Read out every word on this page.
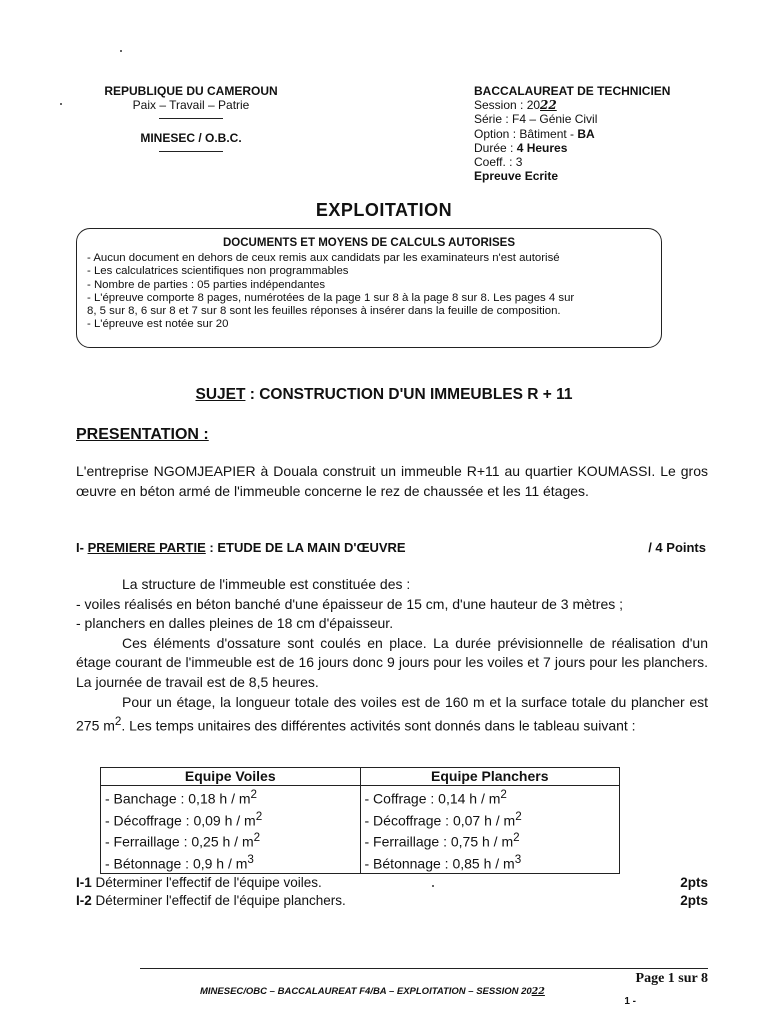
REPUBLIQUE DU CAMEROUN
Paix – Travail – Patrie
MINESEC / O.B.C.
BACCALAUREAT DE TECHNICIEN
Session : 2022
Série : F4 – Génie Civil
Option : Bâtiment - BA
Durée : 4 Heures
Coeff. : 3
Epreuve Ecrite
EXPLOITATION
DOCUMENTS ET MOYENS DE CALCULS AUTORISES
- Aucun document en dehors de ceux remis aux candidats par les examinateurs n'est autorisé
- Les calculatrices scientifiques non programmables
- Nombre de parties : 05 parties indépendantes
- L'épreuve comporte 8 pages, numérotées de la page 1 sur 8 à la page 8 sur 8. Les pages 4 sur
8, 5 sur 8, 6 sur 8 et 7 sur 8 sont les feuilles réponses à insérer dans la feuille de composition.
- L'épreuve est notée sur 20
SUJET : CONSTRUCTION D'UN IMMEUBLES R + 11
PRESENTATION :
L'entreprise NGOMJEAPIER à Douala construit un immeuble R+11 au quartier KOUMASSI. Le gros œuvre en béton armé de l'immeuble concerne le rez de chaussée et les 11 étages.
I- PREMIERE PARTIE : ETUDE DE LA MAIN D'ŒUVRE	/ 4 Points

La structure de l'immeuble est constituée des :

- voiles réalisés en béton banché d'une épaisseur de 15 cm, d'une hauteur de 3 mètres ;

- planchers en dalles pleines de 18 cm d'épaisseur.

Ces éléments d'ossature sont coulés en place. La durée prévisionnelle de réalisation d'un étage courant de l'immeuble est de 16 jours donc 9 jours pour les voiles et 7 jours pour les planchers. La journée de travail est de 8,5 heures.

Pour un étage, la longueur totale des voiles est de 160 m et la surface totale du plancher est 275 $m^2$. Les temps unitaires des différentes activités sont donnés dans le tableau suivant :

Equipe Voiles	Equipe Planchers
- Banchage : 0,18 h / $m^2$	- Coffrage : 0,14 h / $m^2$
- Décoffrage : 0,09 h / $m^2$	- Décoffrage : 0,07 h / $m^2$
- Ferraillage : 0,25 h / $m^2$	- Ferraillage : 0,75 h / $m^2$
- Bétonnage : 0,9 h / $m^3$	- Bétonnage : 0,85 h / $m^3$
I-1 Déterminer l'effectif de l'équipe voiles.	2pts
I-2 Déterminer l'effectif de l'équipe planchers.	2pts
Page 1 sur 8
MINESEC/OBC – BACCALAUREAT F4/BA – EXPLOITATION – SESSION 2022
1 -
